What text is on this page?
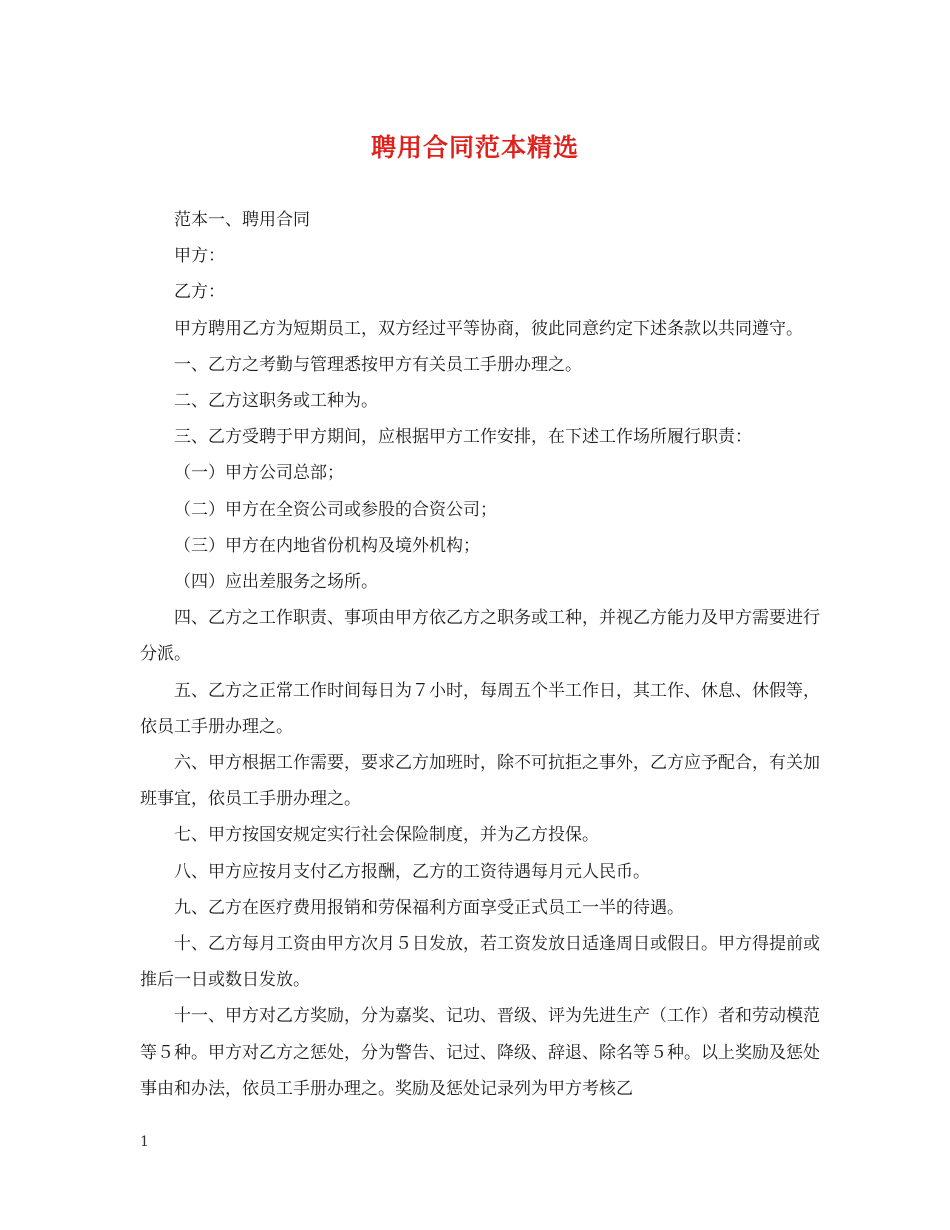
聘用合同范本精选

范本一、聘用合同

甲方：

乙方：

甲方聘用乙方为短期员工，双方经过平等协商，彼此同意约定下述条款以共同遵守。

一、乙方之考勤与管理悉按甲方有关员工手册办理之。

二、乙方这职务或工种为。

三、乙方受聘于甲方期间，应根据甲方工作安排，在下述工作场所履行职责：

（一）甲方公司总部；

（二）甲方在全资公司或参股的合资公司；

（三）甲方在内地省份机构及境外机构；

（四）应出差服务之场所。

四、乙方之工作职责、事项由甲方依乙方之职务或工种，并视乙方能力及甲方需要进行分派。

五、乙方之正常工作时间每日为７小时，每周五个半工作日，其工作、休息、休假等，依员工手册办理之。

六、甲方根据工作需要，要求乙方加班时，除不可抗拒之事外，乙方应予配合，有关加班事宜，依员工手册办理之。

七、甲方按国安规定实行社会保险制度，并为乙方投保。

八、甲方应按月支付乙方报酬，乙方的工资待遇每月元人民币。

九、乙方在医疗费用报销和劳保福利方面享受正式员工一半的待遇。

十、乙方每月工资由甲方次月５日发放，若工资发放日适逢周日或假日。甲方得提前或推后一日或数日发放。

十一、甲方对乙方奖励，分为嘉奖、记功、晋级、评为先进生产（工作）者和劳动模范等５种。甲方对乙方之惩处，分为警告、记过、降级、辞退、除名等５种。以上奖励及惩处事由和办法，依员工手册办理之。奖励及惩处记录列为甲方考核乙

1
